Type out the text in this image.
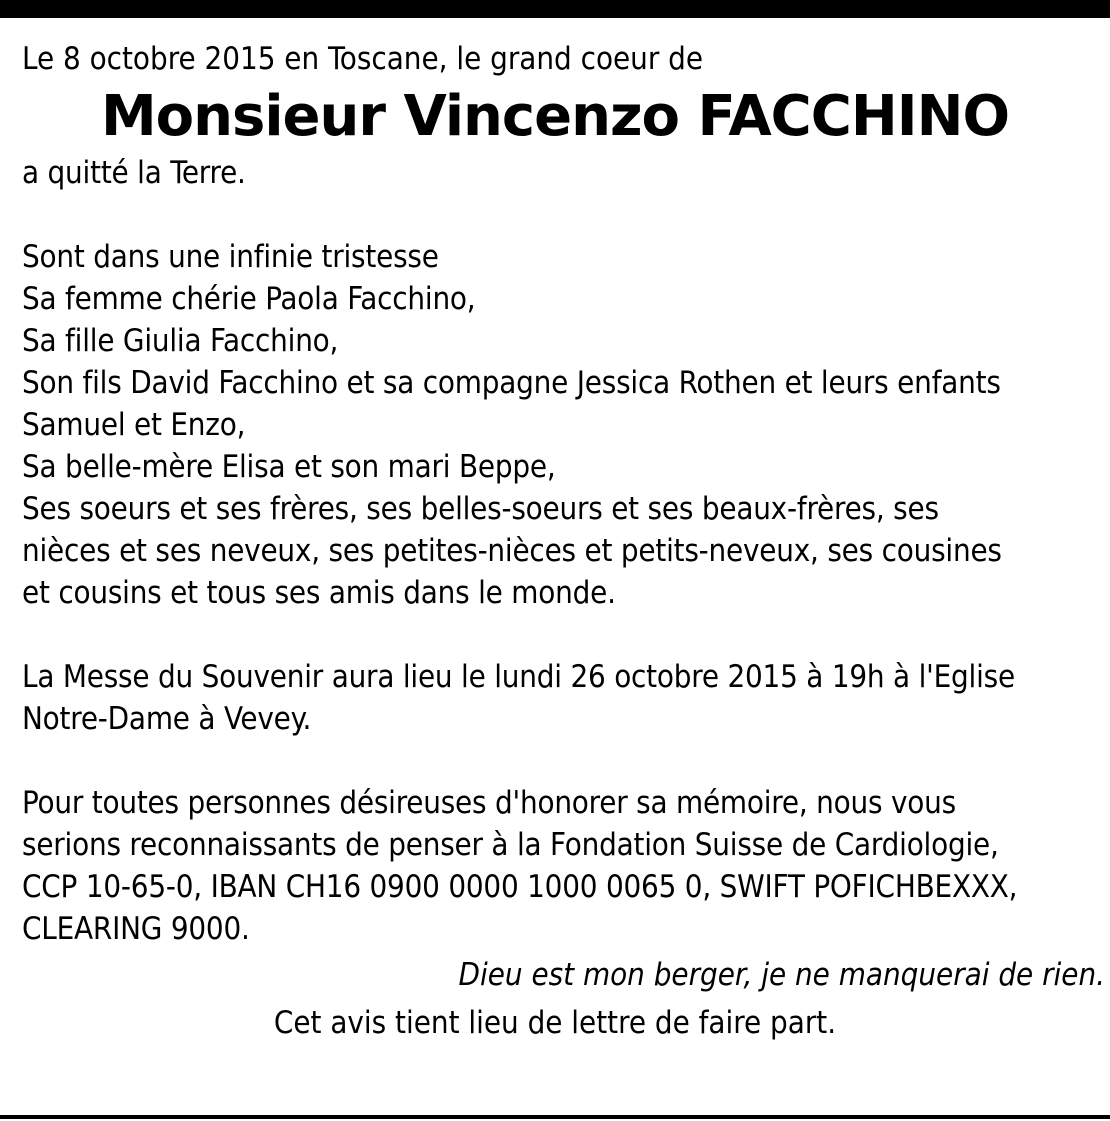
Le 8 octobre 2015 en Toscane, le grand coeur de
Monsieur Vincenzo FACCHINO
a quitté la Terre.
Sont dans une infinie tristesse
Sa femme chérie Paola Facchino,
Sa fille Giulia Facchino,
Son fils David Facchino et sa compagne Jessica Rothen et leurs enfants
Samuel et Enzo,
Sa belle-mère Elisa et son mari Beppe,
Ses soeurs et ses frères, ses belles-soeurs et ses beaux-frères, ses
nièces et ses neveux, ses petites-nièces et petits-neveux, ses cousines
et cousins et tous ses amis dans le monde.
La Messe du Souvenir aura lieu le lundi 26 octobre 2015 à 19h à l'Eglise
Notre-Dame à Vevey.
Pour toutes personnes désireuses d'honorer sa mémoire, nous vous
serions reconnaissants de penser à la Fondation Suisse de Cardiologie,
CCP 10-65-0, IBAN CH16 0900 0000 1000 0065 0, SWIFT POFICHBEXXX,
CLEARING 9000.
Dieu est mon berger, je ne manquerai de rien.
Cet avis tient lieu de lettre de faire part.
